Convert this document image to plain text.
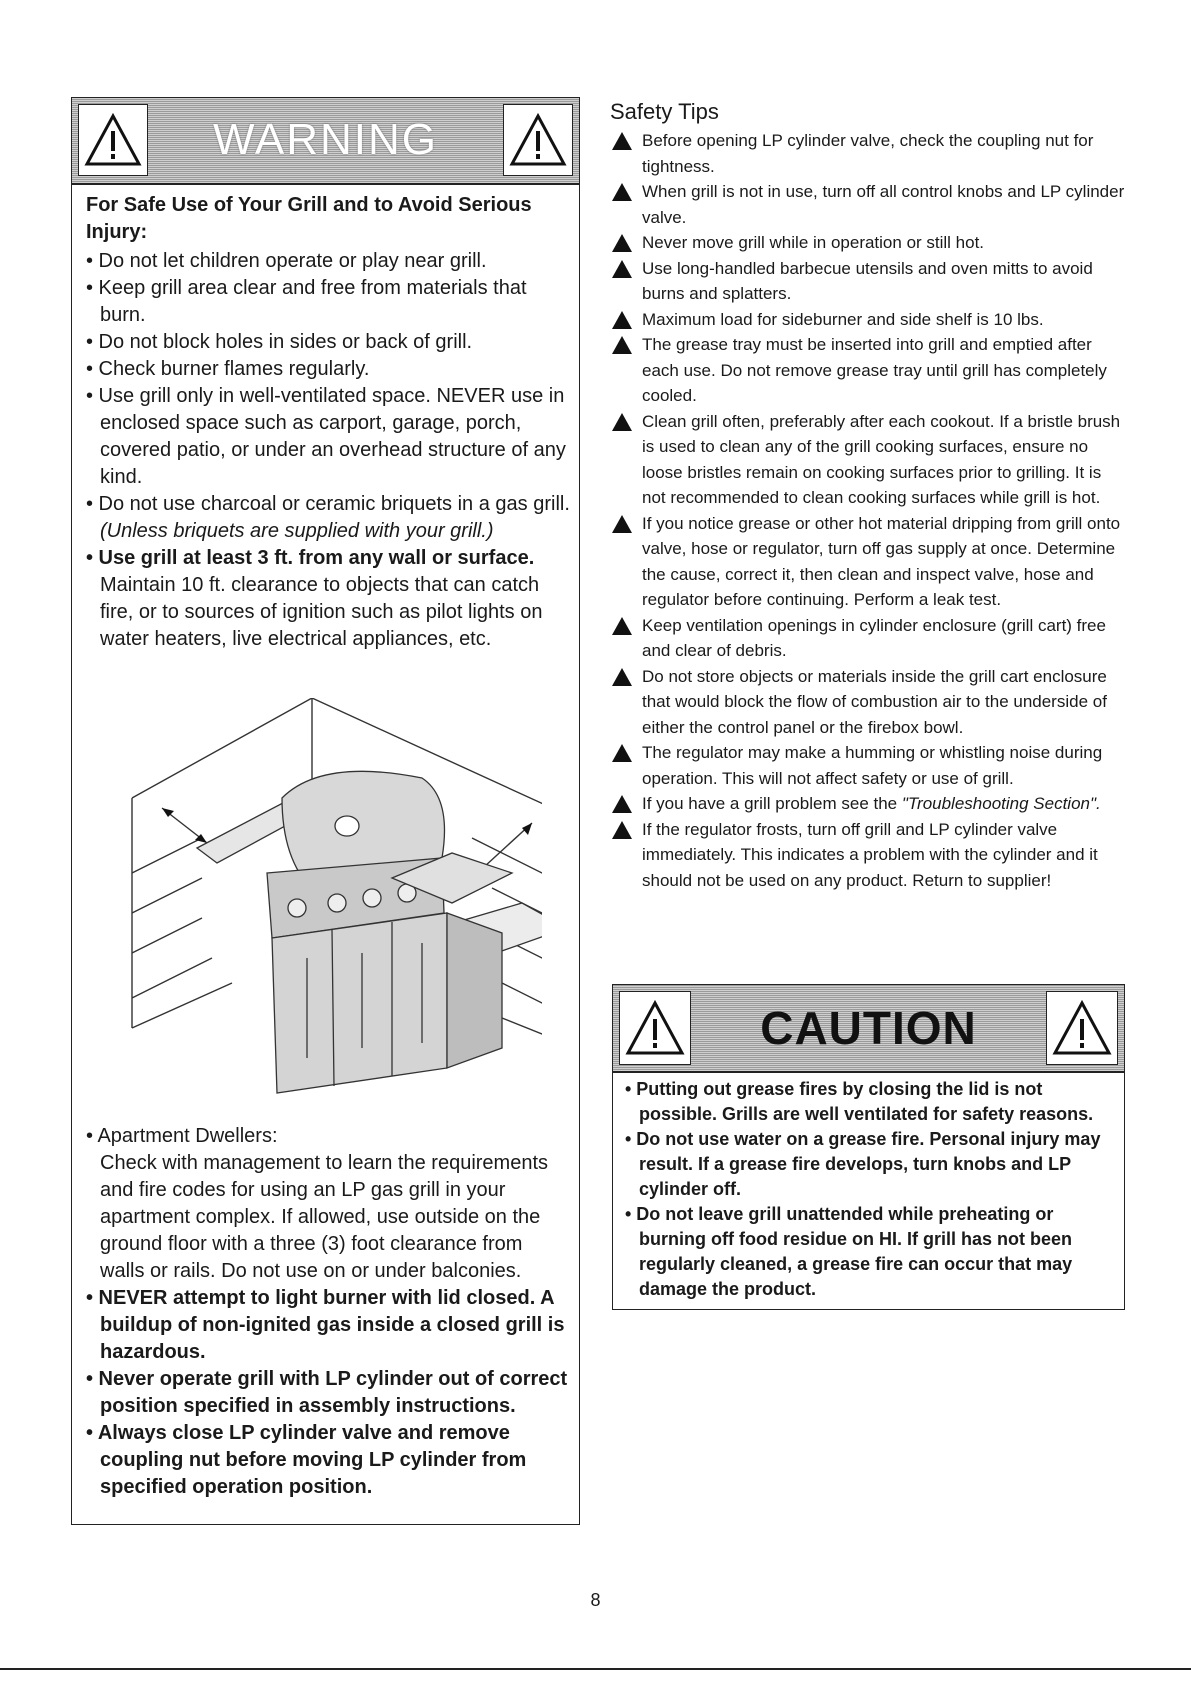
WARNING

For Safe Use of Your Grill and to Avoid Serious Injury:

• Do not let children operate or play near grill.

• Keep grill area clear and free from materials that burn.

• Do not block holes in sides or back of grill.

• Check burner flames regularly.

• Use grill only in well-ventilated space. NEVER use in enclosed space such as carport, garage, porch, covered patio, or under an overhead structure of any kind.

• Do not use charcoal or ceramic briquets in a gas grill.

(Unless briquets are supplied with your grill.)

• Use grill at least 3 ft. from any wall or surface.

Maintain 10 ft. clearance to objects that can catch fire, or to sources of ignition such as pilot lights on water heaters, live electrical appliances, etc.

• Apartment Dwellers:

Check with management to learn the requirements and fire codes for using an LP gas grill in your apartment complex. If allowed, use outside on the ground floor with a three (3) foot clearance from walls or rails. Do not use on or under balconies.

• NEVER attempt to light burner with lid closed. A buildup of non-ignited gas inside a closed grill is hazardous.

• Never operate grill with LP cylinder out of correct position specified in assembly instructions.

• Always close LP cylinder valve and remove coupling nut before moving LP cylinder from specified operation position.

Safety Tips

Before opening LP cylinder valve, check the coupling nut for tightness.

When grill is not in use, turn off all control knobs and LP cylinder valve.

Never move grill while in operation or still hot.

Use long-handled barbecue utensils and oven mitts to avoid burns and splatters.

Maximum load for sideburner and side shelf is 10 lbs.

The grease tray must be inserted into grill and emptied after each use. Do not remove grease tray until grill has completely cooled.

Clean grill often, preferably after each cookout. If a bristle brush is used to clean any of the grill cooking surfaces, ensure no loose bristles remain on cooking surfaces prior to grilling. It is not recommended to clean cooking surfaces while grill is hot.

If you notice grease or other hot material dripping from grill onto valve, hose or regulator, turn off gas supply at once. Determine the cause, correct it, then clean and inspect valve, hose and regulator before continuing. Perform a leak test.

Keep ventilation openings in cylinder enclosure (grill cart) free and clear of debris.

Do not store objects or materials inside the grill cart enclosure that would block the flow of combustion air to the underside of either the control panel or the firebox bowl.

The regulator may make a humming or whistling noise during operation. This will not affect safety or use of grill.

If you have a grill problem see the "Troubleshooting Section".

If the regulator frosts, turn off grill and LP cylinder valve immediately. This indicates a problem with the cylinder and it should not be used on any product. Return to supplier!

CAUTION

• Putting out grease fires by closing the lid is not possible. Grills are well ventilated for safety reasons.

• Do not use water on a grease fire. Personal injury may result. If a grease fire develops, turn knobs and LP cylinder off.

• Do not leave grill unattended while preheating or burning off food residue on HI. If grill has not been regularly cleaned, a grease fire can occur that may damage the product.

8
